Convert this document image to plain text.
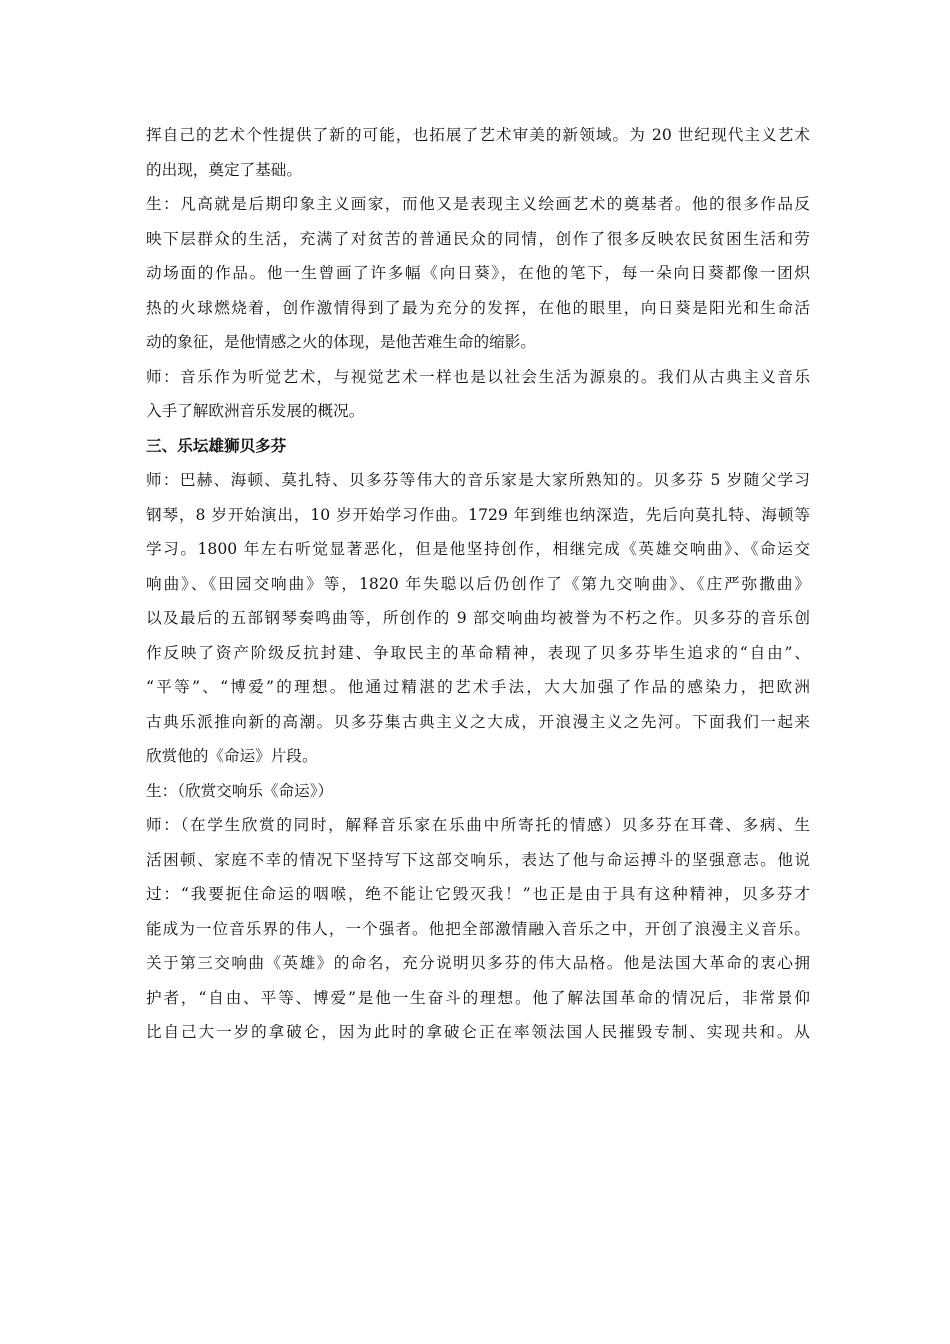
挥自己的艺术个性提供了新的可能，也拓展了艺术审美的新领域。为 20 世纪现代主义艺术
的出现，奠定了基础。
生：凡高就是后期印象主义画家，而他又是表现主义绘画艺术的奠基者。他的很多作品反
映下层群众的生活，充满了对贫苦的普通民众的同情，创作了很多反映农民贫困生活和劳
动场面的作品。他一生曾画了许多幅《向日葵》，在他的笔下，每一朵向日葵都像一团炽
热的火球燃烧着，创作激情得到了最为充分的发挥，在他的眼里，向日葵是阳光和生命活
动的象征，是他情感之火的体现，是他苦难生命的缩影。
师：音乐作为听觉艺术，与视觉艺术一样也是以社会生活为源泉的。我们从古典主义音乐
入手了解欧洲音乐发展的概况。
三、乐坛雄狮贝多芬
师：巴赫、海顿、莫扎特、贝多芬等伟大的音乐家是大家所熟知的。贝多芬 5 岁随父学习
钢琴，8 岁开始演出，10 岁开始学习作曲。1729 年到维也纳深造，先后向莫扎特、海顿等
学习。1800 年左右听觉显著恶化，但是他坚持创作，相继完成《英雄交响曲》、《命运交
响曲》、《田园交响曲》等，1820 年失聪以后仍创作了《第九交响曲》、《庄严弥撒曲》
以及最后的五部钢琴奏鸣曲等，所创作的 9 部交响曲均被誉为不朽之作。贝多芬的音乐创
作反映了资产阶级反抗封建、争取民主的革命精神，表现了贝多芬毕生追求的“自由”、
“平等”、“博爱”的理想。他通过精湛的艺术手法，大大加强了作品的感染力，把欧洲
古典乐派推向新的高潮。贝多芬集古典主义之大成，开浪漫主义之先河。下面我们一起来
欣赏他的《命运》片段。
生：（欣赏交响乐《命运》）
师：（在学生欣赏的同时，解释音乐家在乐曲中所寄托的情感）贝多芬在耳聋、多病、生
活困顿、家庭不幸的情况下坚持写下这部交响乐，表达了他与命运搏斗的坚强意志。他说
过：“我要扼住命运的咽喉，绝不能让它毁灭我！”也正是由于具有这种精神，贝多芬才
能成为一位音乐界的伟人，一个强者。他把全部激情融入音乐之中，开创了浪漫主义音乐。
关于第三交响曲《英雄》的命名，充分说明贝多芬的伟大品格。他是法国大革命的衷心拥
护者，“自由、平等、博爱”是他一生奋斗的理想。他了解法国革命的情况后，非常景仰
比自己大一岁的拿破仑，因为此时的拿破仑正在率领法国人民摧毁专制、实现共和。从
